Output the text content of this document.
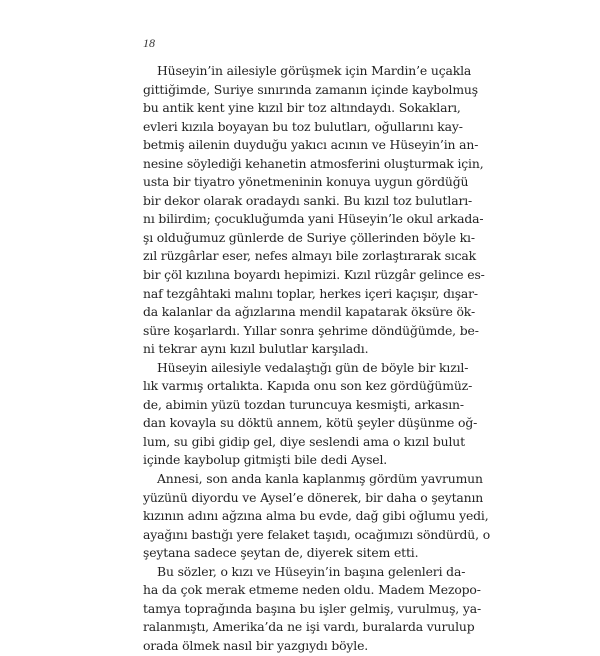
18
Hüseyin’in ailesiyle görüşmek için Mardin’e uçakla
gittiğimde, Suriye sınırında zamanın içinde kaybolmuş
bu antik kent yine kızıl bir toz altındaydı. Sokakları,
evleri kızıla boyayan bu toz bulutları, oğullarını kay-
betmiş ailenin duyduğu yakıcı acının ve Hüseyin’in an-
nesine söylediği kehanetin atmosferini oluşturmak için,
usta bir tiyatro yönetmeninin konuya uygun gördüğü
bir dekor olarak oradaydı sanki. Bu kızıl toz bulutları-
nı bilirdim; çocukluğumda yani Hüseyin’le okul arkada-
şı olduğumuz günlerde de Suriye çöllerinden böyle kı-
zıl rüzgârlar eser, nefes almayı bile zorlaştırarak sıcak
bir çöl kızılına boyardı hepimizi. Kızıl rüzgâr gelince es-
naf tezgâhtaki malını toplar, herkes içeri kaçışır, dışar-
da kalanlar da ağızlarına mendil kapatarak öksüre ök-
süre koşarlardı. Yıllar sonra şehrime döndüğümde, be-
ni tekrar aynı kızıl bulutlar karşıladı.
Hüseyin ailesiyle vedalaştığı gün de böyle bir kızıl-
lık varmış ortalıkta. Kapıda onu son kez gördüğümüz-
de, abimin yüzü tozdan turuncuya kesmişti, arkasın-
dan kovayla su döktü annem, kötü şeyler düşünme oğ-
lum, su gibi gidip gel, diye seslendi ama o kızıl bulut
içinde kaybolup gitmişti bile dedi Aysel.
Annesi, son anda kanla kaplanmış gördüm yavrumun
yüzünü diyordu ve Aysel’e dönerek, bir daha o şeytanın
kızının adını ağzına alma bu evde, dağ gibi oğlumu yedi,
ayağını bastığı yere felaket taşıdı, ocağımızı söndürdü, o
şeytana sadece şeytan de, diyerek sitem etti.
Bu sözler, o kızı ve Hüseyin’in başına gelenleri da-
ha da çok merak etmeme neden oldu. Madem Mezopo-
tamya toprağında başına bu işler gelmiş, vurulmuş, ya-
ralanmıştı, Amerika’da ne işi vardı, buralarda vurulup
orada ölmek nasıl bir yazgıydı böyle.
